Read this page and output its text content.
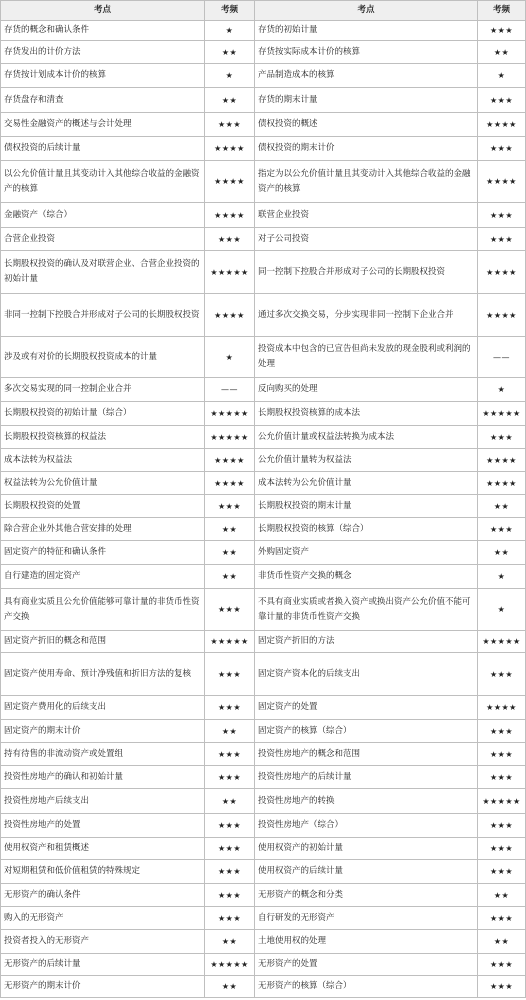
考点	考频	考点	考频
存货的概念和确认条件	★	存货的初始计量	★★★
存货发出的计价方法	★★	存货按实际成本计价的核算	★★
存货按计划成本计价的核算	★	产品制造成本的核算	★
存货盘存和清查	★★	存货的期末计量	★★★
交易性金融资产的概述与会计处理	★★★	债权投资的概述	★★★★
债权投资的后续计量	★★★★	债权投资的期末计价	★★★
以公允价值计量且其变动计入其他综合收益的金融资产的核算	★★★★	指定为以公允价值计量且其变动计入其他综合收益的金融资产的核算	★★★★
金融资产（综合）	★★★★	联营企业投资	★★★
合营企业投资	★★★	对子公司投资	★★★
长期股权投资的确认及对联营企业、合营企业投资的初始计量	★★★★★	同一控制下控股合并形成对子公司的长期股权投资	★★★★
非同一控制下控股合并形成对子公司的长期股权投资	★★★★	通过多次交换交易，分步实现非同一控制下企业合并	★★★★
涉及或有对价的长期股权投资成本的计量	★	投资成本中包含的已宣告但尚未发放的现金股利或利润的处理	——
多次交易实现的同一控制企业合并	——	反向购买的处理	★
长期股权投资的初始计量（综合）	★★★★★	长期股权投资核算的成本法	★★★★★
长期股权投资核算的权益法	★★★★★	公允价值计量或权益法转换为成本法	★★★
成本法转为权益法	★★★★	公允价值计量转为权益法	★★★★
权益法转为公允价值计量	★★★★	成本法转为公允价值计量	★★★★
长期股权投资的处置	★★★	长期股权投资的期末计量	★★
除合营企业外其他合营安排的处理	★★	长期股权投资的核算（综合）	★★★
固定资产的特征和确认条件	★★	外购固定资产	★★
自行建造的固定资产	★★	非货币性资产交换的概念	★
具有商业实质且公允价值能够可靠计量的非货币性资产交换	★★★	不具有商业实质或者换入资产或换出资产公允价值不能可靠计量的非货币性资产交换	★
固定资产折旧的概念和范围	★★★★★	固定资产折旧的方法	★★★★★
固定资产使用寿命、预计净残值和折旧方法的复核	★★★	固定资产资本化的后续支出	★★★
固定资产费用化的后续支出	★★★	固定资产的处置	★★★★
固定资产的期末计价	★★	固定资产的核算（综合）	★★★
持有待售的非流动资产或处置组	★★★	投资性房地产的概念和范围	★★★
投资性房地产的确认和初始计量	★★★	投资性房地产的后续计量	★★★
投资性房地产后续支出	★★	投资性房地产的转换	★★★★★
投资性房地产的处置	★★★	投资性房地产（综合）	★★★
使用权资产和租赁概述	★★★	使用权资产的初始计量	★★★
对短期租赁和低价值租赁的特殊规定	★★★	使用权资产的后续计量	★★★
无形资产的确认条件	★★★	无形资产的概念和分类	★★
购入的无形资产	★★★	自行研发的无形资产	★★★
投资者投入的无形资产	★★	土地使用权的处理	★★
无形资产的后续计量	★★★★★	无形资产的处置	★★★
无形资产的期末计价	★★	无形资产的核算（综合）	★★★
